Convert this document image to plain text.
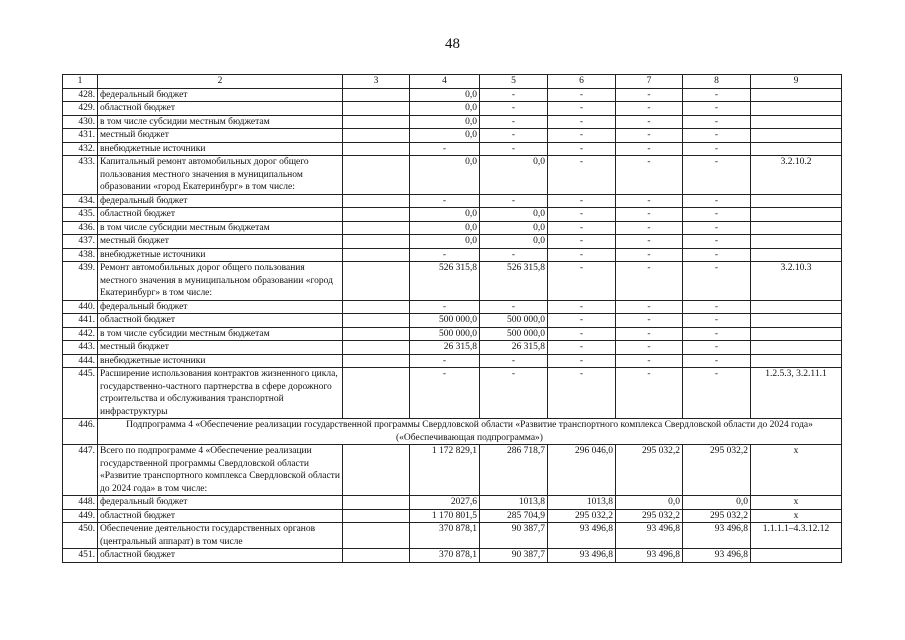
48
1	2	3	4	5	6	7	8	9
428.	федеральный бюджет		0,0	-	-	-	-	
429.	областной бюджет		0,0	-	-	-	-	
430.	в том числе субсидии местным бюджетам		0,0	-	-	-	-	
431.	местный бюджет		0,0	-	-	-	-	
432.	внебюджетные источники		-	-	-	-	-	
433.	Капитальный ремонт автомобильных дорог общего пользования местного значения в муниципальном образовании «город Екатеринбург» в том числе:		0,0	0,0	-	-	-	3.2.10.2
434.	федеральный бюджет		-	-	-	-	-	
435.	областной бюджет		0,0	0,0	-	-	-	
436.	в том числе субсидии местным бюджетам		0,0	0,0	-	-	-	
437.	местный бюджет		0,0	0,0	-	-	-	
438.	внебюджетные источники		-	-	-	-	-	
439.	Ремонт автомобильных дорог общего пользования местного значения в муниципальном образовании «город Екатеринбург» в том числе:		526 315,8	526 315,8	-	-	-	3.2.10.3
440.	федеральный бюджет		-	-	-	-	-	
441.	областной бюджет		500 000,0	500 000,0	-	-	-	
442.	в том числе субсидии местным бюджетам		500 000,0	500 000,0	-	-	-	
443.	местный бюджет		26 315,8	26 315,8	-	-	-	
444.	внебюджетные источники		-	-	-	-	-	
445.	Расширение использования контрактов жизненного цикла, государственно-частного партнерства в сфере дорожного строительства и обслуживания транспортной инфраструктуры		-	-	-	-	-	1.2.5.3, 3.2.11.1
446.	Подпрограмма 4 «Обеспечение реализации государственной программы Свердловской области «Развитие транспортного комплекса Свердловской области до 2024 года» («Обеспечивающая подпрограмма»)							
447.	Всего по подпрограмме 4 «Обеспечение реализации государственной программы Свердловской области «Развитие транспортного комплекса Свердловской области до 2024 года» в том числе:		1 172 829,1	286 718,7	296 046,0	295 032,2	295 032,2	х
448.	федеральный бюджет		2027,6	1013,8	1013,8	0,0	0,0	х
449.	областной бюджет		1 170 801,5	285 704,9	295 032,2	295 032,2	295 032,2	х
450.	Обеспечение деятельности государственных органов (центральный аппарат) в том числе		370 878,1	90 387,7	93 496,8	93 496,8	93 496,8	1.1.1.1–4.3.12.12
451.	областной бюджет		370 878,1	90 387,7	93 496,8	93 496,8	93 496,8	
